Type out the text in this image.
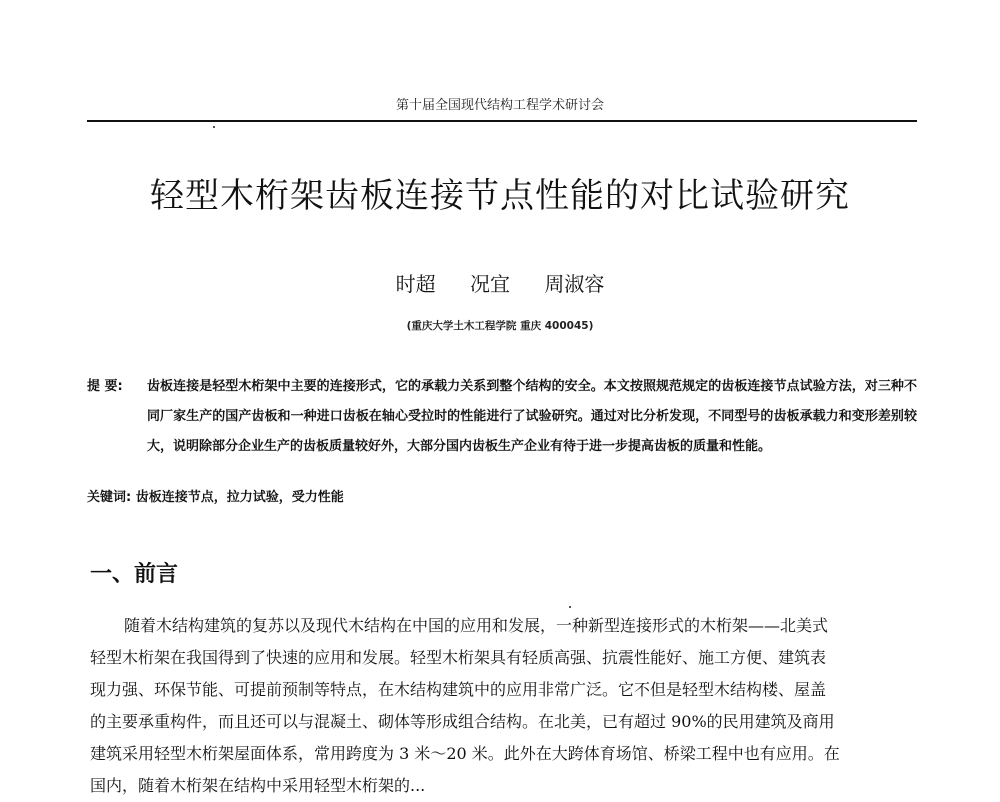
第十届全国现代结构工程学术研讨会
轻型木桁架齿板连接节点性能的对比试验研究
时超 况宜 周淑容
(重庆大学土木工程学院 重庆 400045)
提 要:	齿板连接是轻型木桁架中主要的连接形式，它的承载力关系到整个结构的安全。本文按照规范规定的齿板连接节点试验方法，对三种不同厂家生产的国产齿板和一种进口齿板在轴心受拉时的性能进行了试验研究。通过对比分析发现，不同型号的齿板承载力和变形差别较大，说明除部分企业生产的齿板质量较好外，大部分国内齿板生产企业有待于进一步提高齿板的质量和性能。
关键词: 齿板连接节点，拉力试验，受力性能
一、前言
随着木结构建筑的复苏以及现代木结构在中国的应用和发展，一种新型连接形式的木桁架——北美式
轻型木桁架在我国得到了快速的应用和发展。轻型木桁架具有轻质高强、抗震性能好、施工方便、建筑表
现力强、环保节能、可提前预制等特点，在木结构建筑中的应用非常广泛。它不但是轻型木结构楼、屋盖
的主要承重构件，而且还可以与混凝土、砌体等形成组合结构。在北美，已有超过 90%的民用建筑及商用
建筑采用轻型木桁架屋面体系，常用跨度为 3 米～20 米。此外在大跨体育场馆、桥梁工程中也有应用。在
国内，随着木桁架在结构中采用轻型木桁架的...
